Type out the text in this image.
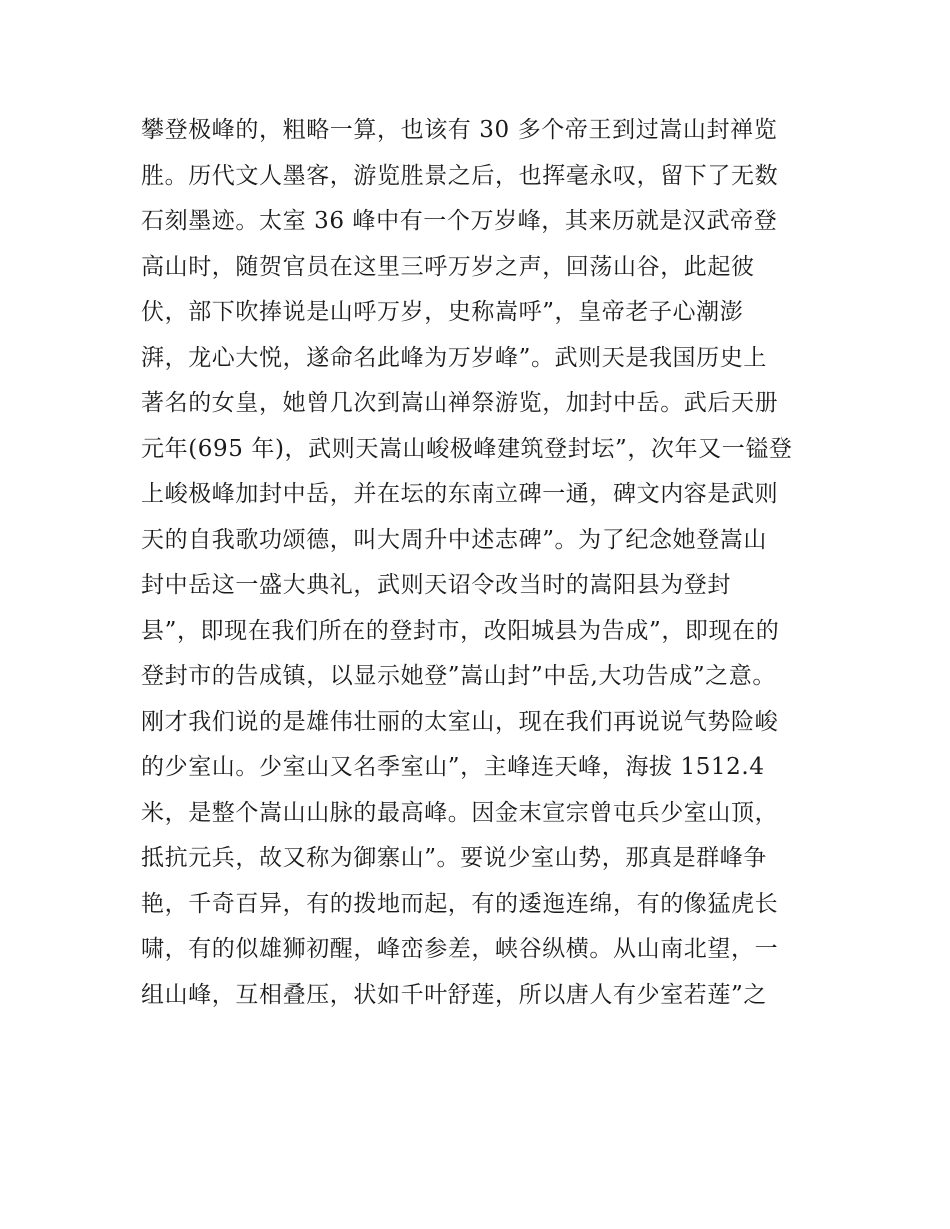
攀登极峰的，粗略一算，也该有 30 多个帝王到过嵩山封禅览
胜。历代文人墨客，游览胜景之后，也挥毫永叹，留下了无数
石刻墨迹。太室 36 峰中有一个万岁峰，其来历就是汉武帝登
高山时，随贺官员在这里三呼万岁之声，回荡山谷，此起彼
伏，部下吹捧说是山呼万岁，史称嵩呼”，皇帝老子心潮澎
湃，龙心大悦，遂命名此峰为万岁峰”。武则天是我国历史上
著名的女皇，她曾几次到嵩山禅祭游览，加封中岳。武后天册
元年(695 年)，武则天嵩山峻极峰建筑登封坛”，次年又一镒登
上峻极峰加封中岳，并在坛的东南立碑一通，碑文内容是武则
天的自我歌功颂德，叫大周升中述志碑”。为了纪念她登嵩山
封中岳这一盛大典礼，武则天诏令改当时的嵩阳县为登封
县”，即现在我们所在的登封市，改阳城县为告成”，即现在的
登封市的告成镇，以显示她登”嵩山封”中岳,大功告成”之意。
刚才我们说的是雄伟壮丽的太室山，现在我们再说说气势险峻
的少室山。少室山又名季室山”，主峰连天峰，海拔 1512.4
米，是整个嵩山山脉的最高峰。因金末宣宗曾屯兵少室山顶，
抵抗元兵，故又称为御寨山”。要说少室山势，那真是群峰争
艳，千奇百异，有的拨地而起，有的逶迤连绵，有的像猛虎长
啸，有的似雄狮初醒，峰峦参差，峡谷纵横。从山南北望，一
组山峰，互相叠压，状如千叶舒莲，所以唐人有少室若莲”之
